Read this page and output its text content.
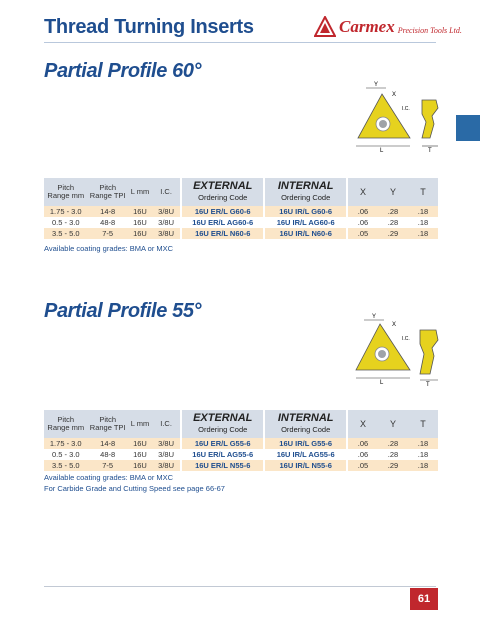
Thread Turning Inserts	Carmex Precision Tools Ltd.
Partial Profile 60°
Y
X
I.C.
L	T
Pitch Range mm	Pitch Range TPI	L mm	I.C.	EXTERNAL
Ordering Code	INTERNAL
Ordering Code	X	Y	T
1.75 - 3.0	14-8	16U	3/8U	16U ER/L G60-6	16U IR/L G60-6	.06	.28	.18
0.5 - 3.0	48-8	16U	3/8U	16U ER/L AG60-6	16U IR/L AG60-6	.06	.28	.18
3.5 - 5.0	7-5	16U	3/8U	16U ER/L N60-6	16U IR/L N60-6	.05	.29	.18
Available coating grades: BMA or MXC
Partial Profile 55°	Y
X
I.C.
L	T
Pitch Range mm	Pitch Range TPI	L mm	I.C.	EXTERNAL
Ordering Code	INTERNAL
Ordering Code	X	Y	T
1.75 - 3.0	14-8	16U	3/8U	16U ER/L G55-6	16U IR/L G55-6	.06	.28	.18
0.5 - 3.0	48-8	16U	3/8U	16U ER/L AG55-6	16U IR/L AG55-6	.06	.28	.18
3.5 - 5.0	7-5	16U	3/8U	16U ER/L N55-6	16U IR/L N55-6	.05	.29	.18
Available coating grades: BMA or MXC
For Carbide Grade and Cutting Speed see page 66-67
61
